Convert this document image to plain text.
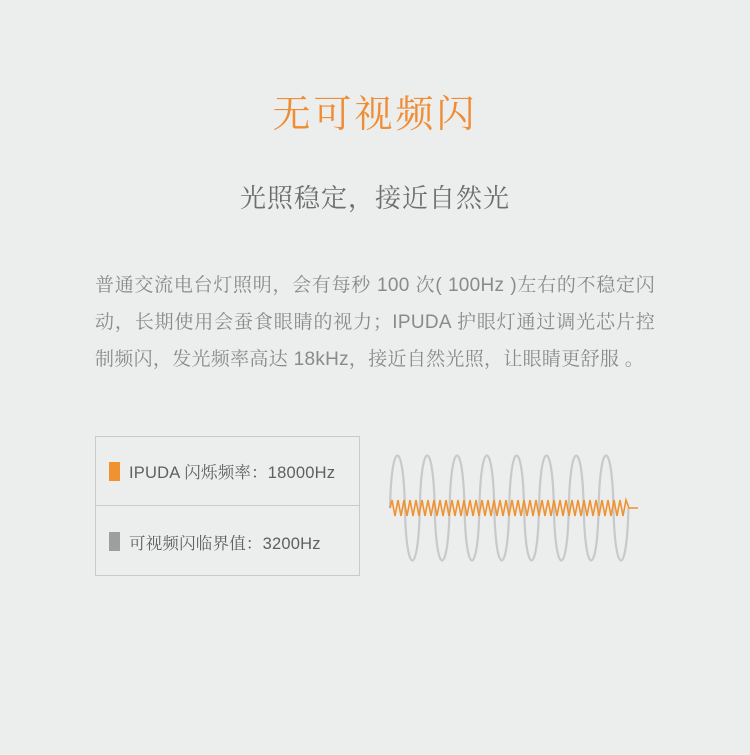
无可视频闪
光照稳定，接近自然光

普通交流电台灯照明，会有每秒 100 次( 100Hz )左右的不稳定闪动，长期使用会蚕食眼睛的视力；IPUDA 护眼灯通过调光芯片控制频闪，发光频率高达 18kHz，接近自然光照，让眼睛更舒服 。

IPUDA 闪烁频率：18000Hz
可视频闪临界值：3200Hz
